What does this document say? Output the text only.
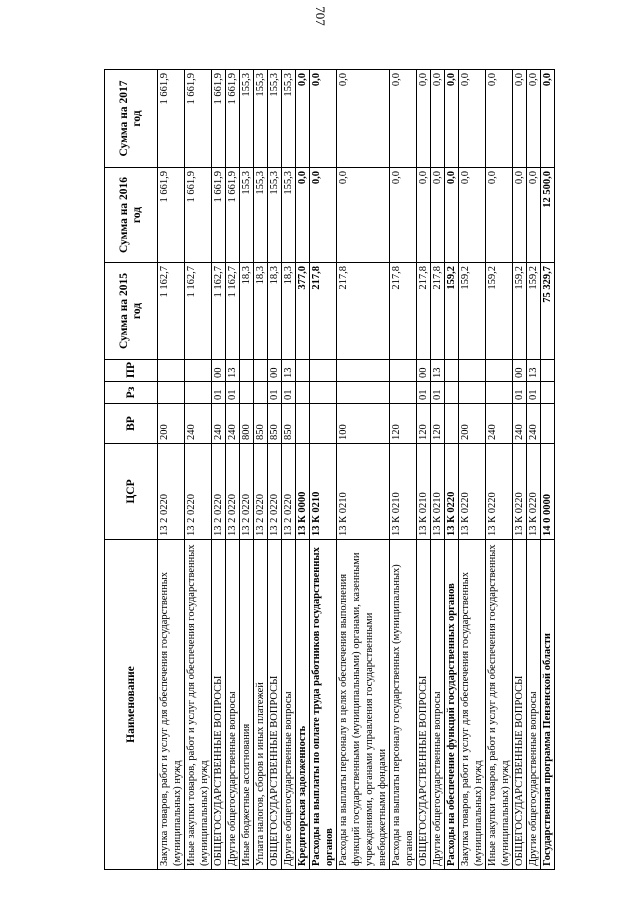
707
Наименование	ЦСР	ВР	Рз	ПР	Сумма на 2015 год	Сумма на 2016 год	Сумма на 2017 год
Закупка товаров, работ и услуг для обеспечения государственных (муниципальных) нужд	13 2 0220	200			1 162,7	1 661,9	1 661,9
Иные закупки товаров, работ и услуг для обеспечения государственных (муниципальных) нужд	13 2 0220	240			1 162,7	1 661,9	1 661,9
ОБЩЕГОСУДАРСТВЕННЫЕ ВОПРОСЫ	13 2 0220	240	01	00	1 162,7	1 661,9	1 661,9
Другие общегосударственные вопросы	13 2 0220	240	01	13	1 162,7	1 661,9	1 661,9
Иные бюджетные ассигнования	13 2 0220	800			18,3	155,3	155,3
Уплата налогов, сборов и иных платежей	13 2 0220	850			18,3	155,3	155,3
ОБЩЕГОСУДАРСТВЕННЫЕ ВОПРОСЫ	13 2 0220	850	01	00	18,3	155,3	155,3
Другие общегосударственные вопросы	13 2 0220	850	01	13	18,3	155,3	155,3
Кредиторская задолженность	13 К 0000				377,0	0,0	0,0
Расходы на выплаты по оплате труда работников государственных органов	13 К 0210				217,8	0,0	0,0
Расходы на выплаты персоналу в целях обеспечения выполнения функций государственными (муниципальными) органами, казенными учреждениями, органами управления государственными внебюджетными фондами	13 К 0210	100			217,8	0,0	0,0
Расходы на выплаты персоналу государственных (муниципальных) органов	13 К 0210	120			217,8	0,0	0,0
ОБЩЕГОСУДАРСТВЕННЫЕ ВОПРОСЫ	13 К 0210	120	01	00	217,8	0,0	0,0
Другие общегосударственные вопросы	13 К 0210	120	01	13	217,8	0,0	0,0
Расходы на обеспечение функций государственных органов	13 К 0220				159,2	0,0	0,0
Закупка товаров, работ и услуг для обеспечения государственных (муниципальных) нужд	13 К 0220	200			159,2	0,0	0,0
Иные закупки товаров, работ и услуг для обеспечения государственных (муниципальных) нужд	13 К 0220	240			159,2	0,0	0,0
ОБЩЕГОСУДАРСТВЕННЫЕ ВОПРОСЫ	13 К 0220	240	01	00	159,2	0,0	0,0
Другие общегосударственные вопросы	13 К 0220	240	01	13	159,2	0,0	0,0
Государственная программа Пензенской области	14 0 0000				75 329,7	12 500,0	0,0
